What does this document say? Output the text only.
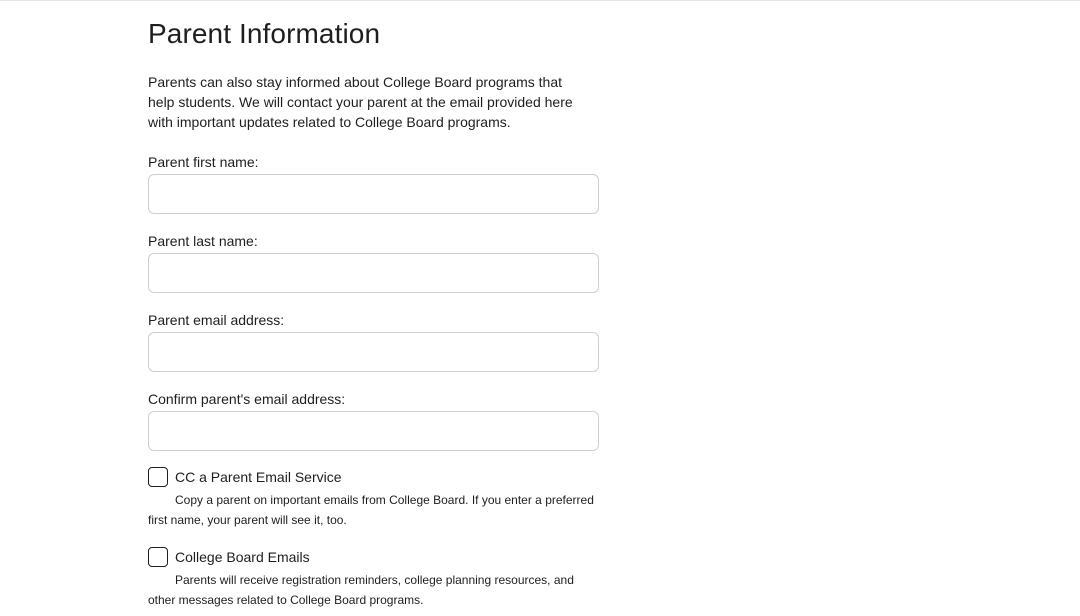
Parent Information

Parents can also stay informed about College Board programs that help students. We will contact your parent at the email provided here with important updates related to College Board programs.

Parent first name:
Parent last name:
Parent email address:
Confirm parent's email address:
CC a Parent Email Service

Copy a parent on important emails from College Board. If you enter a preferred first name, your parent will see it, too.

College Board Emails

Parents will receive registration reminders, college planning resources, and other messages related to College Board programs.
